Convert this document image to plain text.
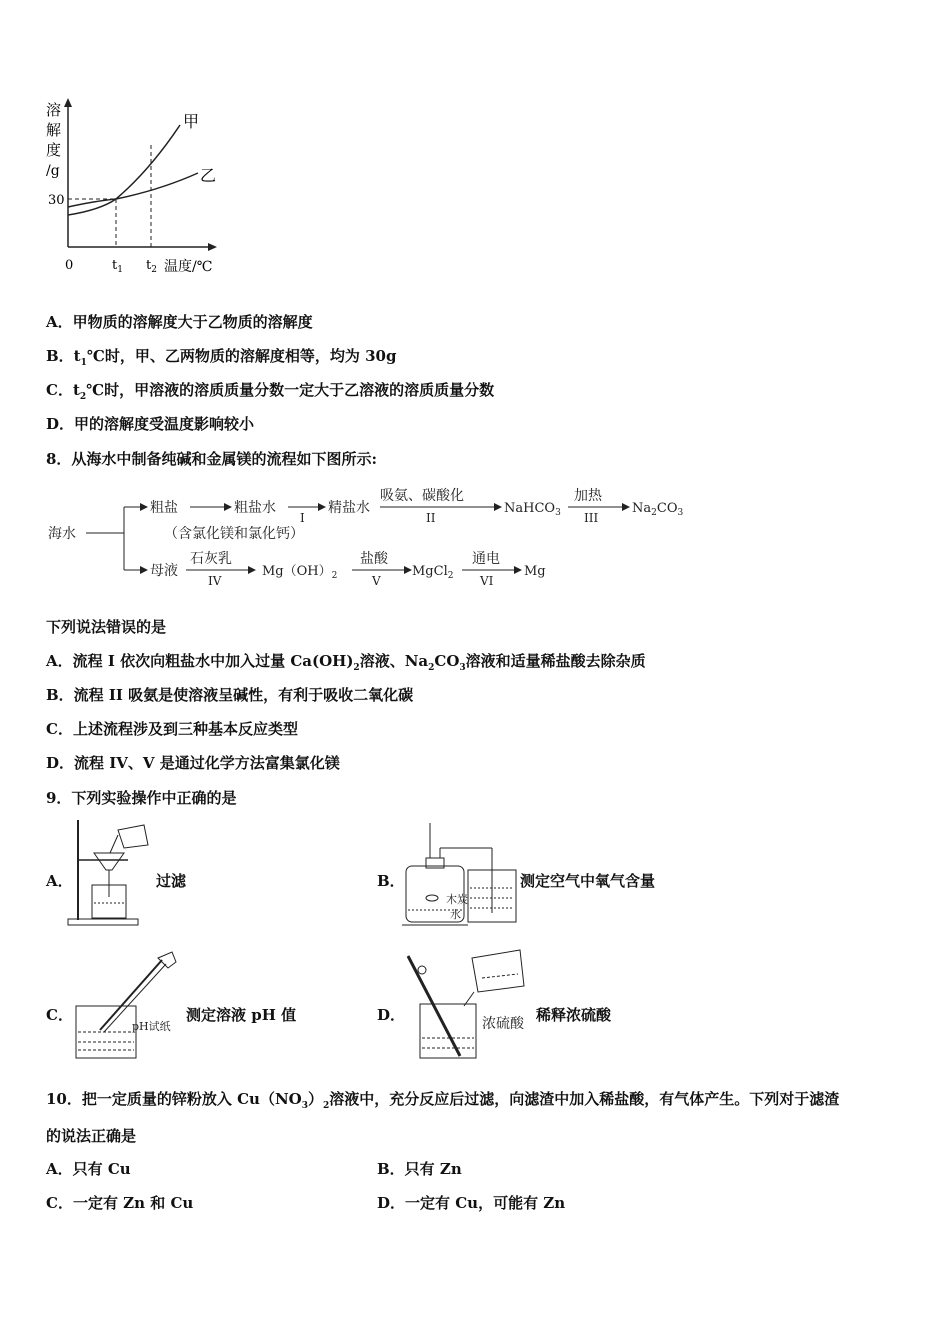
溶
解
度
/g
30
0	$t_1$ $t_2$ 温度/℃
甲
乙
A．甲物质的溶解度大于乙物质的溶解度
B．$t_1℃$时，甲、乙两物质的溶解度相等，均为 30g
C．$t_2℃$时，甲溶液的溶质质量分数一定大于乙溶液的溶质质量分数
D．甲的溶解度受温度影响较小
8．从海水中制备纯碱和金属镁的流程如下图所示:
海水
粗盐	粗盐水
I
精盐水
吸氨、碳酸化
II
NaHCO$_3$
加热
III
$Na_2CO_3$
（含氯化镁和氯化钙）
母液
石灰乳
IV
$Mg(OH)_2$
盐酸
V
MgCl$_2$
通电
VI
Mg
下列说法错误的是
A．流程 I 依次向粗盐水中加入过量 $Ca(OH)_2$溶液、$Na_2CO_3$溶液和适量稀盐酸去除杂质
B．流程 II 吸氨是使溶液呈碱性，有利于吸收二氧化碳
C．上述流程涉及到三种基本反应类型
D．流程 IV、V 是通过化学方法富集氯化镁
9．下列实验操作中正确的是
A．	过滤	B．
木炭
水
测定空气中氧气含量
C．
pH试纸
测定溶液 pH 值	D．	浓硫酸 稀释浓硫酸
10．把一定质量的锌粉放入 $Cu(NO_3)_2$溶液中，充分反应后过滤，向滤渣中加入稀盐酸，有气体产生。下列对于滤渣
的说法正确是
A．只有 Cu	B．只有 Zn
C．一定有 Zn 和 Cu	D．一定有 Cu，可能有 Zn
